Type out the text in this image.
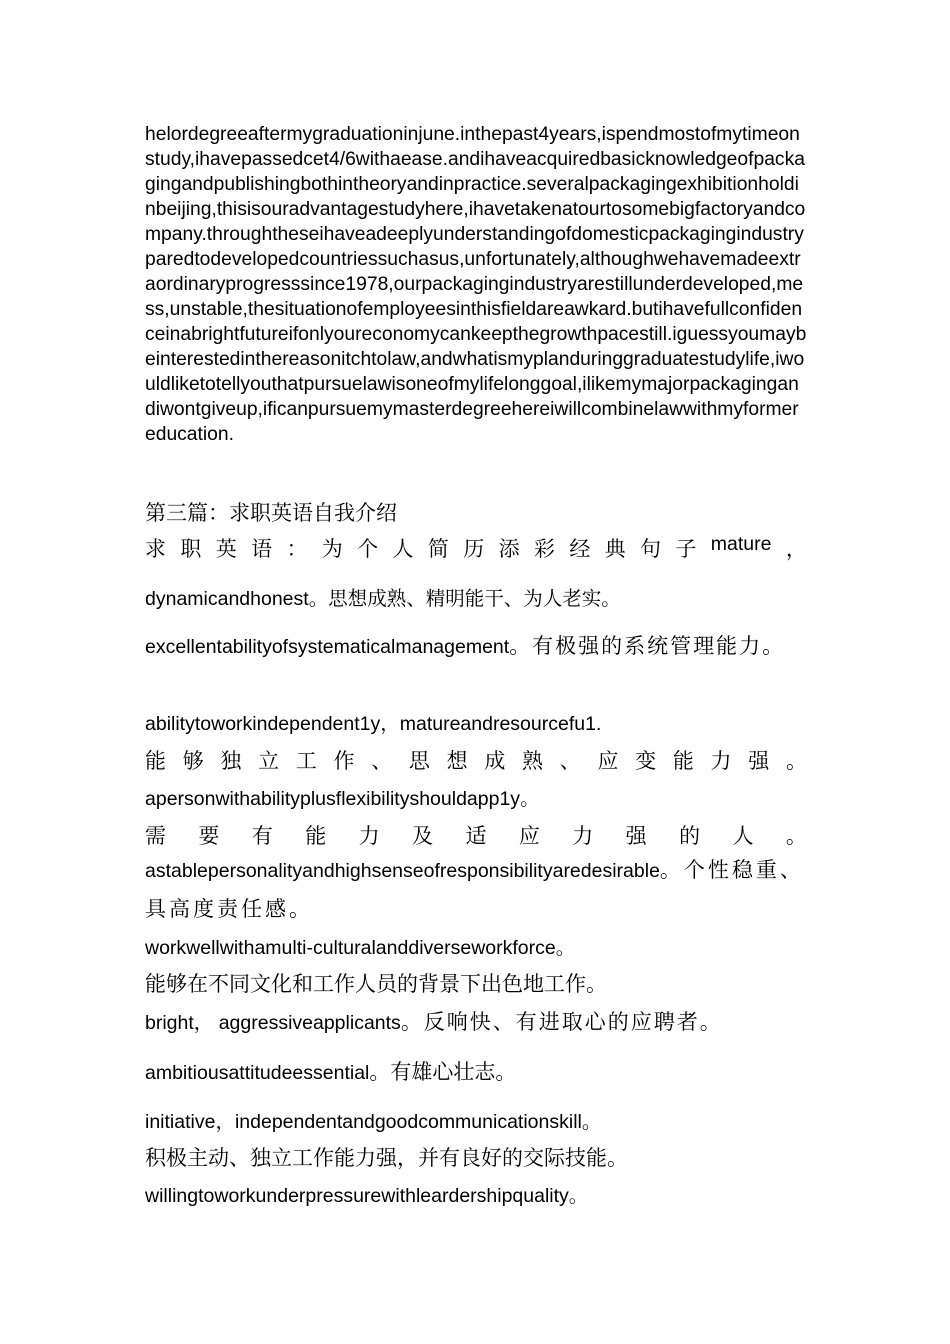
helordegreeaftermygraduationinjune.inthepast4years,ispendmostofmytimeonstudy,ihavepassedcet4/6withaease.andihaveacquiredbasicknowledgeofpackagingandpublishingbothintheoryandinpractice.severalpackagingexhibitionholdinbeijing,thisisouradvantagestudyhere,ihavetakenatourtosomebigfactoryandcompany.throughtheseihaveadeeplyunderstandingofdomesticpackagingindustry paredtodevelopedcountriessuchasus,unfortunately,althoughwehavemadeextraordinaryprogresssince1978,ourpackagingindustryarestillunderdeveloped,mess,unstable,thesituationofemployeesinthisfieldareawkard.butihavefullconfidenceinabrightfutureifonlyoureconomycankeepthegrowthpacestill.iguessyoumaybeinterestedinthereasonitchtolaw,andwhatismyplanduringgraduatestudylife,iwouldliketotellyouthatpursuelawisoneofmylifelonggoal,ilikemymajorpackagingandiwontgiveup,ificanpursuemymasterdegreehereiwillcombinelawwithmyformereducation.

第三篇：求职英语自我介绍
求 职 英 语 ： 为 个 人 简 历 添 彩 经 典 句 子 mature ，
dynamicandhonest。思想成熟、精明能干、为人老实。
excellentabilityofsystematicalmanagement。有极强的系统管理能力。
abilitytoworkindependent1y，matureandresourcefu1.
能 够 独 立 工 作 、 思 想 成 熟 、 应 变 能 力 强 。
apersonwithabilityplusflexibilityshouldapp1y。
需 要 有 能 力 及 适 应 力 强 的 人 。
astablepersonalityandhighsenseofresponsibilityaredesirable。个性稳重、具高度责任感。
workwellwithamulti-culturalanddiverseworkforce。
能够在不同文化和工作人员的背景下出色地工作。
bright， aggressiveapplicants。反响快、有进取心的应聘者。
ambitiousattitudeessential。有雄心壮志。
initiative，independentandgoodcommunicationskill。
积极主动、独立工作能力强，并有良好的交际技能。
willingtoworkunderpressurewithleardershipquality。
